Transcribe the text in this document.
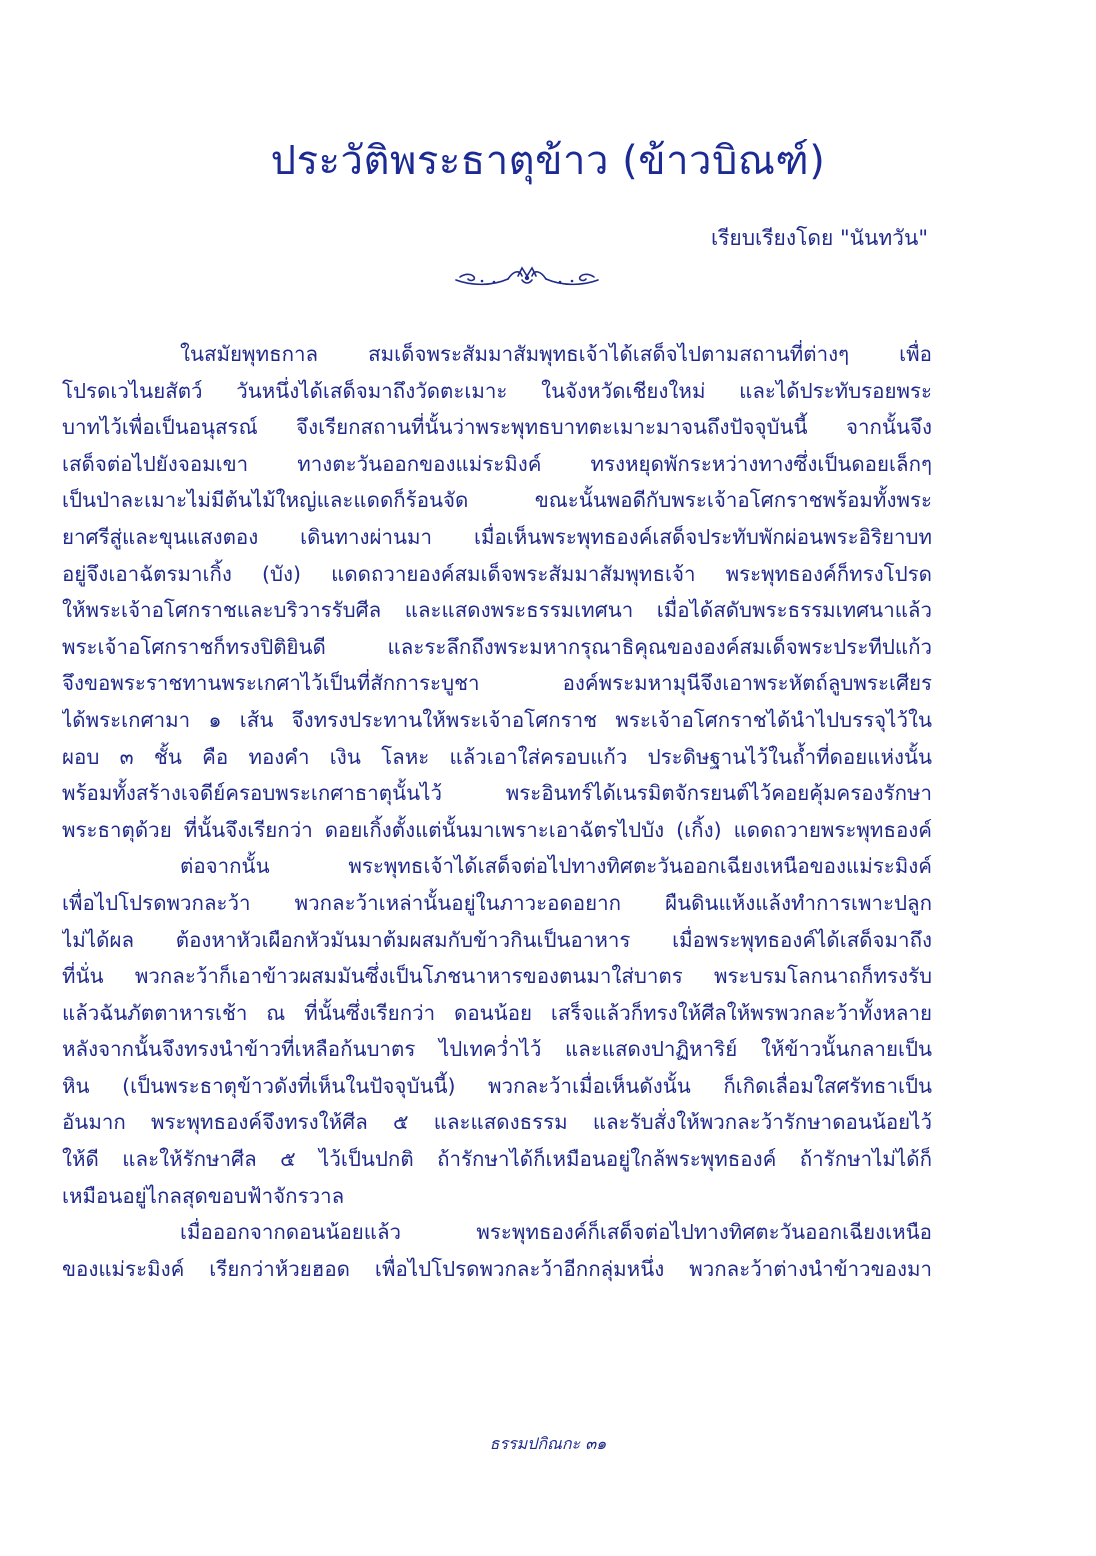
ประวัติพระธาตุข้าว (ข้าวบิณฑ์)
เรียบเรียงโดย "นันทวัน"
ในสมัยพุทธกาล สมเด็จพระสัมมาสัมพุทธเจ้าได้เสด็จไปตามสถานที่ต่างๆ เพื่อ
โปรดเวไนยสัตว์ วันหนึ่งได้เสด็จมาถึงวัดตะเมาะ ในจังหวัดเชียงใหม่ และได้ประทับรอยพระ
บาทไว้เพื่อเป็นอนุสรณ์ จึงเรียกสถานที่นั้นว่าพระพุทธบาทตะเมาะมาจนถึงปัจจุบันนี้ จากนั้นจึง
เสด็จต่อไปยังจอมเขา ทางตะวันออกของแม่ระมิงค์ ทรงหยุดพักระหว่างทางซึ่งเป็นดอยเล็กๆ
เป็นป่าละเมาะไม่มีต้นไม้ใหญ่และแดดก็ร้อนจัด ขณะนั้นพอดีกับพระเจ้าอโศกราชพร้อมทั้งพระ
ยาศรีสู่และขุนแสงตอง เดินทางผ่านมา เมื่อเห็นพระพุทธองค์เสด็จประทับพักผ่อนพระอิริยาบท
อยู่จึงเอาฉัตรมาเกิ้ง (บัง) แดดถวายองค์สมเด็จพระสัมมาสัมพุทธเจ้า พระพุทธองค์ก็ทรงโปรด
ให้พระเจ้าอโศกราชและบริวารรับศีล และแสดงพระธรรมเทศนา เมื่อได้สดับพระธรรมเทศนาแล้ว
พระเจ้าอโศกราชก็ทรงปิติยินดี และระลึกถึงพระมหากรุณาธิคุณขององค์สมเด็จพระประทีปแก้ว
จึงขอพระราชทานพระเกศาไว้เป็นที่สักการะบูชา องค์พระมหามุนีจึงเอาพระหัตถ์ลูบพระเศียร
ได้พระเกศามา ๑ เส้น จึงทรงประทานให้พระเจ้าอโศกราช พระเจ้าอโศกราชได้นำไปบรรจุไว้ใน
ผอบ ๓ ชั้น คือ ทองคำ เงิน โลหะ แล้วเอาใส่ครอบแก้ว ประดิษฐานไว้ในถ้ำที่ดอยแห่งนั้น
พร้อมทั้งสร้างเจดีย์ครอบพระเกศาธาตุนั้นไว้ พระอินทร์ได้เนรมิตจักรยนต์ไว้คอยคุ้มครองรักษา
พระธาตุด้วย ที่นั้นจึงเรียกว่า ดอยเกิ้งตั้งแต่นั้นมาเพราะเอาฉัตรไปบัง (เกิ้ง) แดดถวายพระพุทธองค์
ต่อจากนั้น พระพุทธเจ้าได้เสด็จต่อไปทางทิศตะวันออกเฉียงเหนือของแม่ระมิงค์
เพื่อไปโปรดพวกละว้า พวกละว้าเหล่านั้นอยู่ในภาวะอดอยาก ผืนดินแห้งแล้งทำการเพาะปลูก
ไม่ได้ผล ต้องหาหัวเผือกหัวมันมาต้มผสมกับข้าวกินเป็นอาหาร เมื่อพระพุทธองค์ได้เสด็จมาถึง
ที่นั่น พวกละว้าก็เอาข้าวผสมมันซึ่งเป็นโภชนาหารของตนมาใส่บาตร พระบรมโลกนาถก็ทรงรับ
แล้วฉันภัตตาหารเช้า ณ ที่นั้นซึ่งเรียกว่า ดอนน้อย เสร็จแล้วก็ทรงให้ศีลให้พรพวกละว้าทั้งหลาย
หลังจากนั้นจึงทรงนำข้าวที่เหลือก้นบาตร ไปเทคว่ำไว้ และแสดงปาฏิหาริย์ ให้ข้าวนั้นกลายเป็น
หิน (เป็นพระธาตุข้าวดังที่เห็นในปัจจุบันนี้) พวกละว้าเมื่อเห็นดังนั้น ก็เกิดเลื่อมใสศรัทธาเป็น
อันมาก พระพุทธองค์จึงทรงให้ศีล ๕ และแสดงธรรม และรับสั่งให้พวกละว้ารักษาดอนน้อยไว้
ให้ดี และให้รักษาศีล ๕ ไว้เป็นปกติ ถ้ารักษาได้ก็เหมือนอยู่ใกล้พระพุทธองค์ ถ้ารักษาไม่ได้ก็
เหมือนอยู่ไกลสุดขอบฟ้าจักรวาล
เมื่อออกจากดอนน้อยแล้ว พระพุทธองค์ก็เสด็จต่อไปทางทิศตะวันออกเฉียงเหนือ
ของแม่ระมิงค์ เรียกว่าห้วยฮอด เพื่อไปโปรดพวกละว้าอีกกลุ่มหนึ่ง พวกละว้าต่างนำข้าวของมา
ธรรมปกิณกะ ๓๑
